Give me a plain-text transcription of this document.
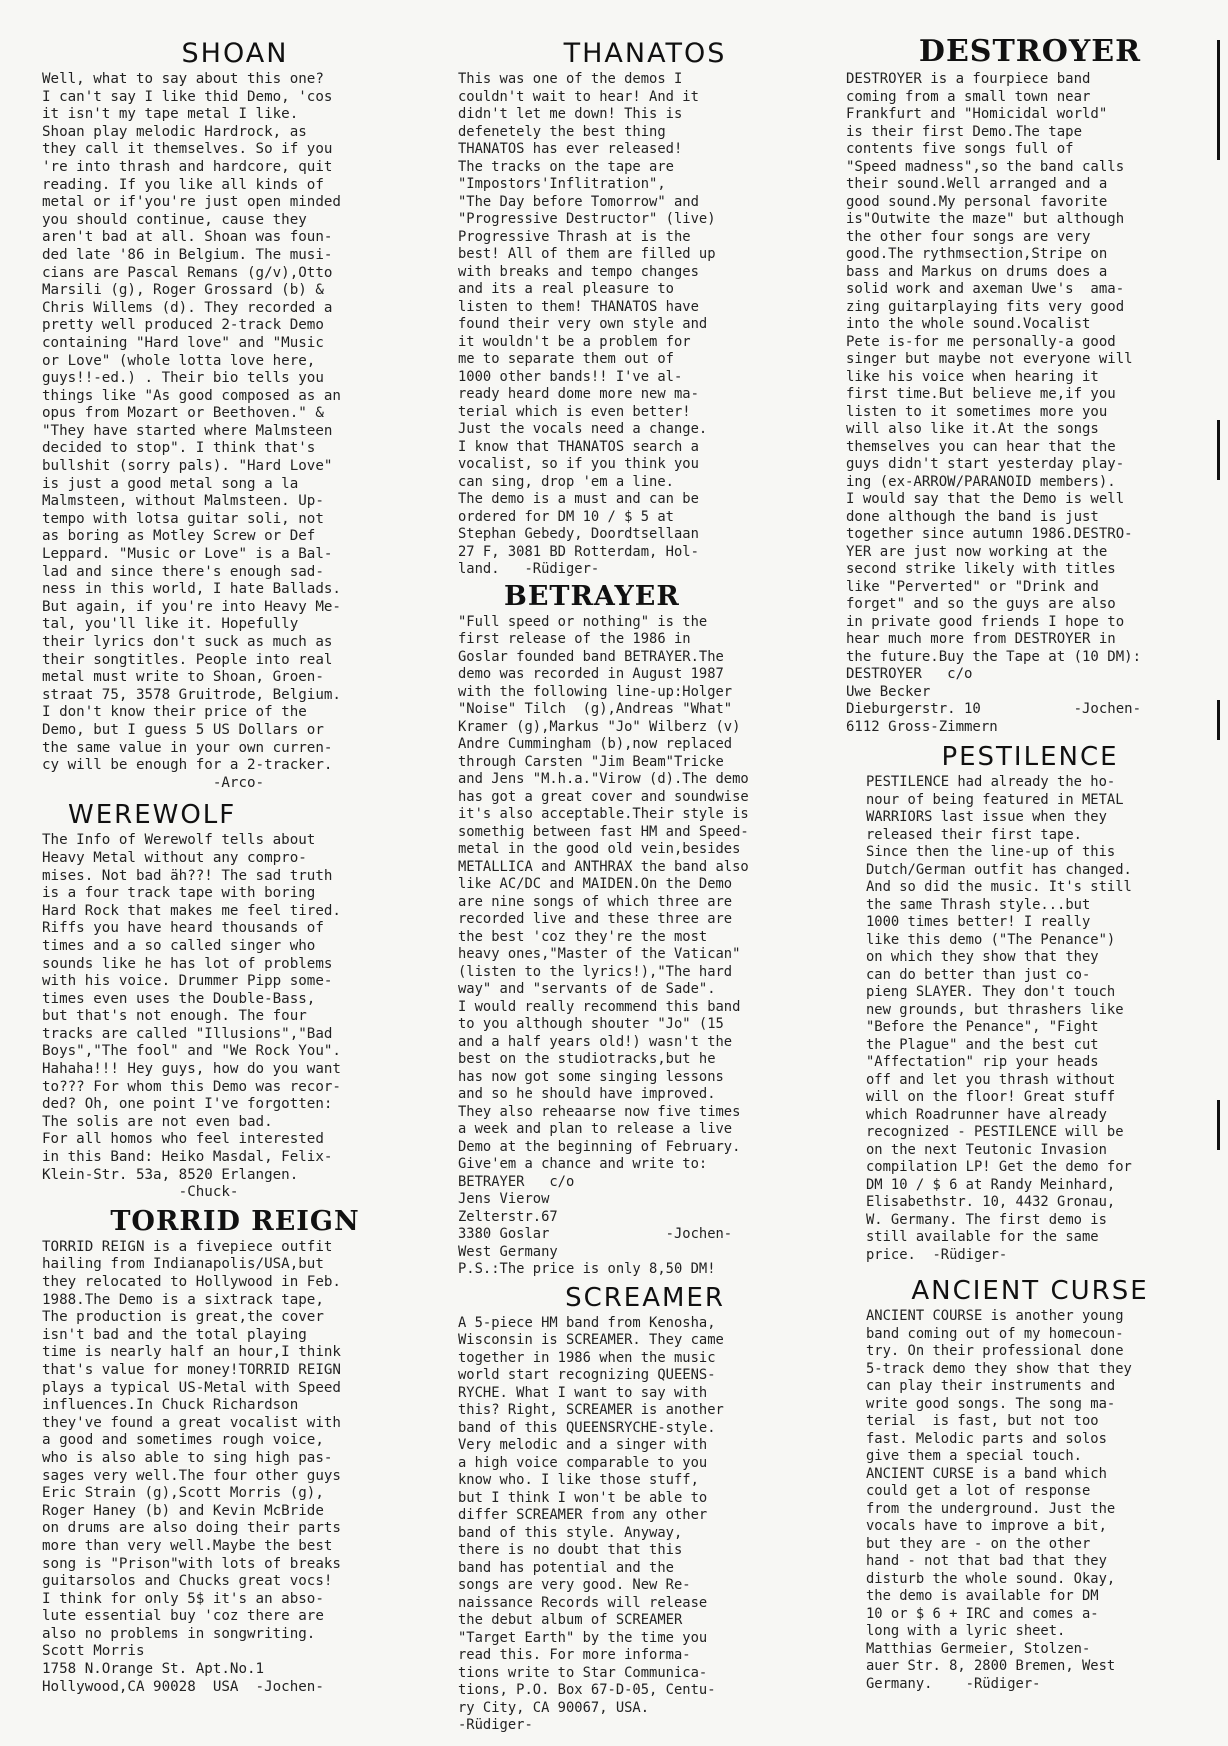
SHOAN
Well, what to say about this one?
I can't say I like thid Demo, 'cos
it isn't my tape metal I like.
Shoan play melodic Hardrock, as
they call it themselves. So if you
're into thrash and hardcore, quit
reading. If you like all kinds of
metal or if'you're just open minded
you should continue, cause they
aren't bad at all. Shoan was foun-
ded late '86 in Belgium. The musi-
cians are Pascal Remans (g/v),Otto
Marsili (g), Roger Grossard (b) &
Chris Willems (d). They recorded a
pretty well produced 2-track Demo
containing "Hard love" and "Music
or Love" (whole lotta love here,
guys!!-ed.) . Their bio tells you
things like "As good composed as an
opus from Mozart or Beethoven." &
"They have started where Malmsteen
decided to stop". I think that's
bullshit (sorry pals). "Hard Love"
is just a good metal song a la
Malmsteen, without Malmsteen. Up-
tempo with lotsa guitar soli, not
as boring as Motley Screw or Def
Leppard. "Music or Love" is a Bal-
lad and since there's enough sad-
ness in this world, I hate Ballads.
But again, if you're into Heavy Me-
tal, you'll like it. Hopefully
their lyrics don't suck as much as
their songtitles. People into real
metal must write to Shoan, Groen-
straat 75, 3578 Gruitrode, Belgium.
I don't know their price of the
Demo, but I guess 5 US Dollars or
the same value in your own curren-
cy will be enough for a 2-tracker.
-Arco-
WEREWOLF
The Info of Werewolf tells about
Heavy Metal without any compro-
mises. Not bad äh??! The sad truth
is a four track tape with boring
Hard Rock that makes me feel tired.
Riffs you have heard thousands of
times and a so called singer who
sounds like he has lot of problems
with his voice. Drummer Pipp some-
times even uses the Double-Bass,
but that's not enough. The four
tracks are called "Illusions","Bad
Boys","The fool" and "We Rock You".
Hahaha!!! Hey guys, how do you want
to??? For whom this Demo was recor-
ded? Oh, one point I've forgotten:
The solis are not even bad.
For all homos who feel interested
in this Band: Heiko Masdal, Felix-
Klein-Str. 53a, 8520 Erlangen.
-Chuck-
TORRID REIGN
TORRID REIGN is a fivepiece outfit
hailing from Indianapolis/USA,but
they relocated to Hollywood in Feb.
1988.The Demo is a sixtrack tape,
The production is great,the cover
isn't bad and the total playing
time is nearly half an hour,I think
that's value for money!TORRID REIGN
plays a typical US-Metal with Speed
influences.In Chuck Richardson
they've found a great vocalist with
a good and sometimes rough voice,
who is also able to sing high pas-
sages very well.The four other guys
Eric Strain (g),Scott Morris (g),
Roger Haney (b) and Kevin McBride
on drums are also doing their parts
more than very well.Maybe the best
song is "Prison"with lots of breaks
guitarsolos and Chucks great vocs!
I think for only 5$ it's an abso-
lute essential buy 'coz there are
also no problems in songwriting.
Scott Morris
1758 N.Orange St. Apt.No.1
Hollywood,CA 90028  USA  -Jochen-
THANATOS
This was one of the demos I
couldn't wait to hear! And it
didn't let me down! This is
defenetely the best thing
THANATOS has ever released!
The tracks on the tape are
"Impostors'Inflitration",
"The Day before Tomorrow" and
"Progressive Destructor" (live)
Progressive Thrash at is the
best! All of them are filled up
with breaks and tempo changes
and its a real pleasure to
listen to them! THANATOS have
found their very own style and
it wouldn't be a problem for
me to separate them out of
1000 other bands!! I've al-
ready heard dome more new ma-
terial which is even better!
Just the vocals need a change.
I know that THANATOS search a
vocalist, so if you think you
can sing, drop 'em a line.
The demo is a must and can be
ordered for DM 10 / $ 5 at
Stephan Gebedy, Doordtsellaan
27 F, 3081 BD Rotterdam, Hol-
land.   -Rüdiger-
BETRAYER
"Full speed or nothing" is the
first release of the 1986 in
Goslar founded band BETRAYER.The
demo was recorded in August 1987
with the following line-up:Holger
"Noise" Tilch  (g),Andreas "What"
Kramer (g),Markus "Jo" Wilberz (v)
Andre Cummingham (b),now replaced
through Carsten "Jim Beam"Tricke
and Jens "M.h.a."Virow (d).The demo
has got a great cover and soundwise
it's also acceptable.Their style is
somethig between fast HM and Speed-
metal in the good old vein,besides
METALLICA and ANTHRAX the band also
like AC/DC and MAIDEN.On the Demo
are nine songs of which three are
recorded live and these three are
the best 'coz they're the most
heavy ones,"Master of the Vatican"
(listen to the lyrics!),"The hard
way" and "servants of de Sade".
I would really recommend this band
to you although shouter "Jo" (15
and a half years old!) wasn't the
best on the studiotracks,but he
has now got some singing lessons
and so he should have improved.
They also reheaarse now five times
a week and plan to release a live
Demo at the beginning of February.
Give'em a chance and write to:
BETRAYER   c/o
Jens Vierow
Zelterstr.67
3380 Goslar              -Jochen-
West Germany
P.S.:The price is only 8,50 DM!
SCREAMER
A 5-piece HM band from Kenosha,
Wisconsin is SCREAMER. They came
together in 1986 when the music
world start recognizing QUEENS-
RYCHE. What I want to say with
this? Right, SCREAMER is another
band of this QUEENSRYCHE-style.
Very melodic and a singer with
a high voice comparable to you
know who. I like those stuff,
but I think I won't be able to
differ SCREAMER from any other
band of this style. Anyway,
there is no doubt that this
band has potential and the
songs are very good. New Re-
naissance Records will release
the debut album of SCREAMER
"Target Earth" by the time you
read this. For more informa-
tions write to Star Communica-
tions, P.O. Box 67-D-05, Centu-
ry City, CA 90067, USA.
-Rüdiger-
DESTROYER
DESTROYER is a fourpiece band
coming from a small town near
Frankfurt and "Homicidal world"
is their first Demo.The tape
contents five songs full of
"Speed madness",so the band calls
their sound.Well arranged and a
good sound.My personal favorite
is"Outwite the maze" but although
the other four songs are very
good.The rythmsection,Stripe on
bass and Markus on drums does a
solid work and axeman Uwe's  ama-
zing guitarplaying fits very good
into the whole sound.Vocalist
Pete is-for me personally-a good
singer but maybe not everyone will
like his voice when hearing it
first time.But believe me,if you
listen to it sometimes more you
will also like it.At the songs
themselves you can hear that the
guys didn't start yesterday play-
ing (ex-ARROW/PARANOID members).
I would say that the Demo is well
done although the band is just
together since autumn 1986.DESTRO-
YER are just now working at the
second strike likely with titles
like "Perverted" or "Drink and
forget" and so the guys are also
in private good friends I hope to
hear much more from DESTROYER in
the future.Buy the Tape at (10 DM):
DESTROYER   c/o
Uwe Becker
Dieburgerstr. 10           -Jochen-
6112 Gross-Zimmern
PESTILENCE
PESTILENCE had already the ho-
nour of being featured in METAL
WARRIORS last issue when they
released their first tape.
Since then the line-up of this
Dutch/German outfit has changed.
And so did the music. It's still
the same Thrash style...but
1000 times better! I really
like this demo ("The Penance")
on which they show that they
can do better than just co-
pieng SLAYER. They don't touch
new grounds, but thrashers like
"Before the Penance", "Fight
the Plague" and the best cut
"Affectation" rip your heads
off and let you thrash without
will on the floor! Great stuff
which Roadrunner have already
recognized - PESTILENCE will be
on the next Teutonic Invasion
compilation LP! Get the demo for
DM 10 / $ 6 at Randy Meinhard,
Elisabethstr. 10, 4432 Gronau,
W. Germany. The first demo is
still available for the same
price.  -Rüdiger-
ANCIENT CURSE
ANCIENT COURSE is another young
band coming out of my homecoun-
try. On their professional done
5-track demo they show that they
can play their instruments and
write good songs. The song ma-
terial  is fast, but not too
fast. Melodic parts and solos
give them a special touch.
ANCIENT CURSE is a band which
could get a lot of response
from the underground. Just the
vocals have to improve a bit,
but they are - on the other
hand - not that bad that they
disturb the whole sound. Okay,
the demo is available for DM
10 or $ 6 + IRC and comes a-
long with a lyric sheet.
Matthias Germeier, Stolzen-
auer Str. 8, 2800 Bremen, West
Germany.    -Rüdiger-
